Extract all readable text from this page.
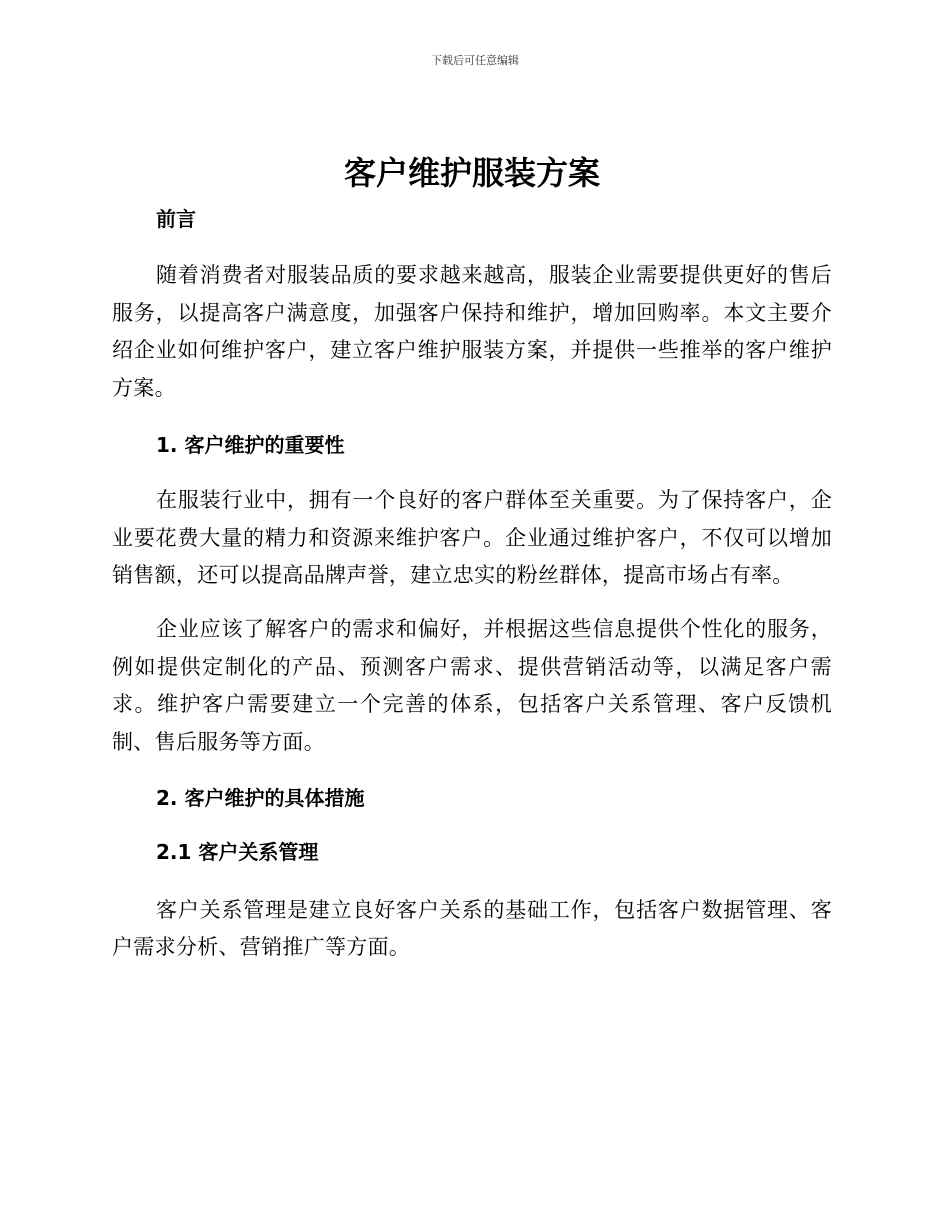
下载后可任意编辑
客户维护服装方案
前言

随着消费者对服装品质的要求越来越高，服装企业需要提供更好的售后服务，以提高客户满意度，加强客户保持和维护，增加回购率。本文主要介绍企业如何维护客户，建立客户维护服装方案，并提供一些推举的客户维护方案。

1. 客户维护的重要性

在服装行业中，拥有一个良好的客户群体至关重要。为了保持客户，企业要花费大量的精力和资源来维护客户。企业通过维护客户，不仅可以增加销售额，还可以提高品牌声誉，建立忠实的粉丝群体，提高市场占有率。

企业应该了解客户的需求和偏好，并根据这些信息提供个性化的服务，例如提供定制化的产品、预测客户需求、提供营销活动等，以满足客户需求。维护客户需要建立一个完善的体系，包括客户关系管理、客户反馈机制、售后服务等方面。

2. 客户维护的具体措施
2.1 客户关系管理

客户关系管理是建立良好客户关系的基础工作，包括客户数据管理、客户需求分析、营销推广等方面。
